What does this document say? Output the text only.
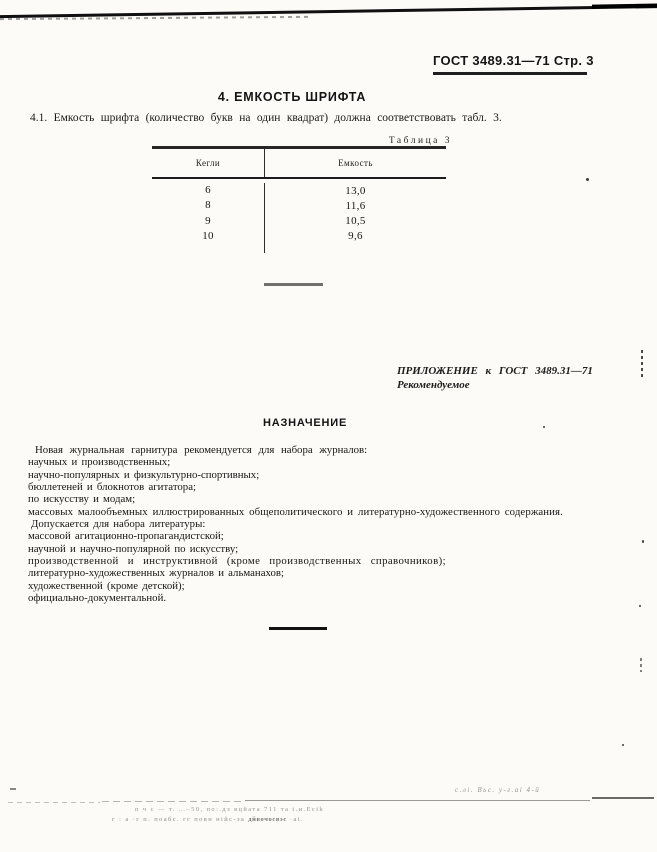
ГОСТ 3489.31—71 Стр. 3
4. ЕМКОСТЬ ШРИФТА
4.1. Емкость шрифта (количество букв на один квадрат) должна соответствовать табл. 3.
Таблица 3
Кегли	Емкость
6	13,0
8	11,6
9	10,5
10	9,6
ПРИЛОЖЕНИЕ к ГОСТ 3489.31—71
Рекомендуемое
НАЗНАЧЕНИЕ
Новая журнальная гарнитура рекомендуется для набора журналов:
научных и производственных;
научно-популярных и физкультурно-спортивных;
бюллетеней и блокнотов агитатора;
по искусству и модам;
массовых малообъемных иллюстрированных общеполитического и литературно-художественного содержания.
Допускается для набора литературы:
массовой агитационно-пропагандистской;
научной и научно-популярной по искусству;
производственной и инструктивной (кроме производственных справочников);
литературно-художественных журналов и альманахов;
художественной (кроме детской);
официально-документальной.
с.лі. Вьс. у-г.аі 4-й
п ч с — т. …–50, по:.дз вцйата 711 та t.и.Есіk
г : а ·г п. поабс. гг повн нійс-за дйвочосвэс ·аі.
